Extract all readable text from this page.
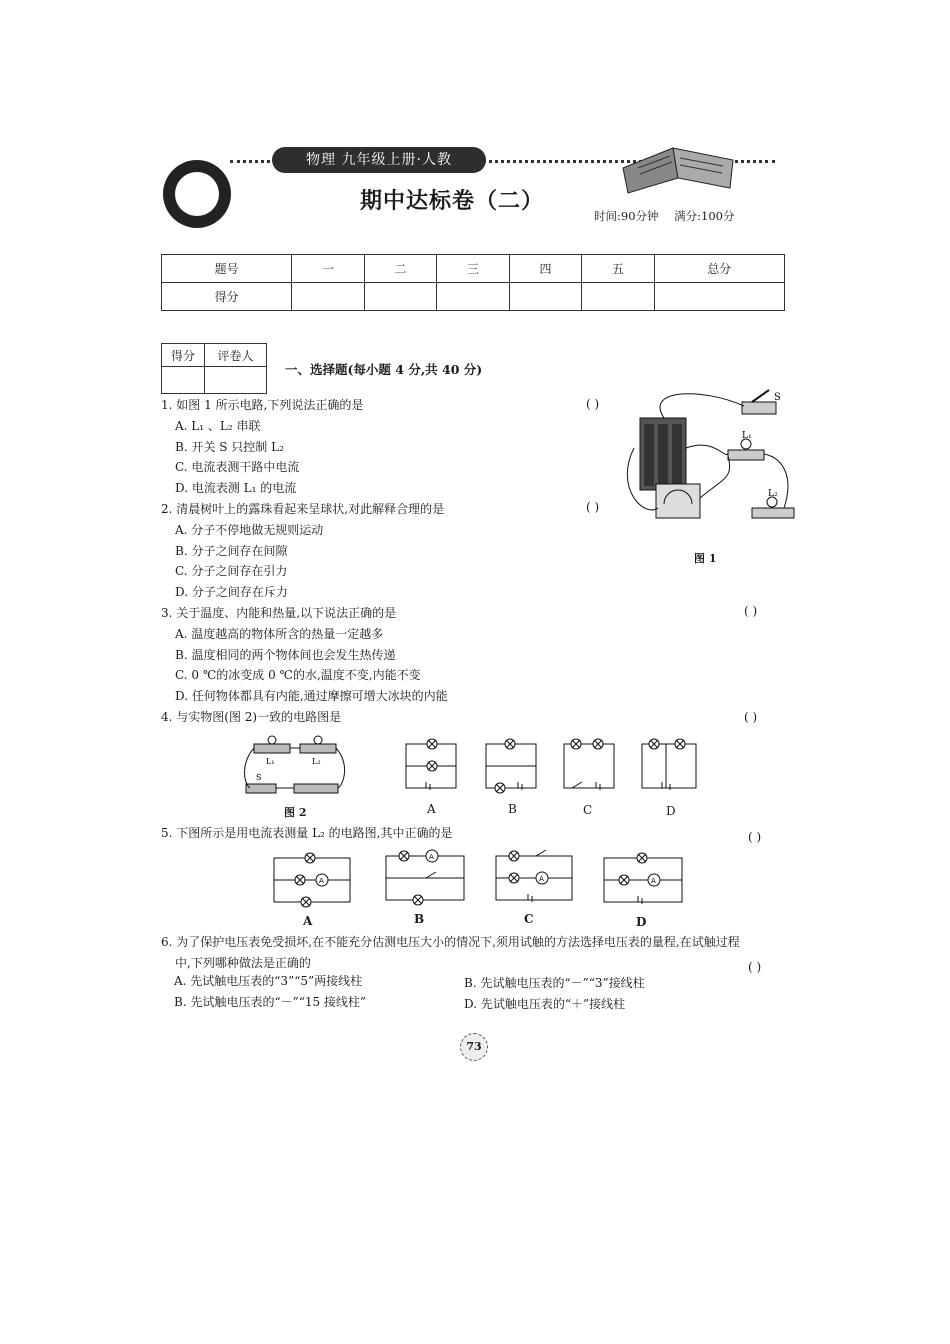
物理 九年级上册·人教
期中达标卷（二）
时间:90分钟 满分:100分
题号	一	二	三	四	五	总分
得分						
得分	评卷人

一、选择题(每小题 4 分,共 40 分)
1. 如图 1 所示电路,下列说法正确的是
A. L₁ 、L₂ 串联
B. 开关 S 只控制 L₂
C. 电流表测干路中电流
D. 电流表测 L₁ 的电流
( )	S
L₁
L₂
图 1
2. 清晨树叶上的露珠看起来呈球状,对此解释合理的是
A. 分子不停地做无规则运动
B. 分子之间存在间隙
C. 分子之间存在引力
D. 分子之间存在斥力
( )
3. 关于温度、内能和热量,以下说法正确的是
A. 温度越高的物体所含的热量一定越多
B. 温度相同的两个物体间也会发生热传递
C. 0 ℃的冰变成 0 ℃的水,温度不变,内能不变
D. 任何物体都具有内能,通过摩擦可增大冰块的内能
( )
4. 与实物图(图 2)一致的电路图是	( )
L₁	L₂
S
图 2	A	B	C	D
5. 下图所示是用电流表测量 L₂ 的电路图,其中正确的是	( )
A
A
A	A
A	B	C	D
6. 为了保护电压表免受损坏,在不能充分估测电压大小的情况下,须用试触的方法选择电压表的量程,在试触过程
中,下列哪种做法是正确的	( )
A. 先试触电压表的“3”“5”两接线柱
B. 先试触电压表的“－”“15 接线柱”
B. 先试触电压表的“－”“3”接线柱
D. 先试触电压表的“＋”接线柱
73
